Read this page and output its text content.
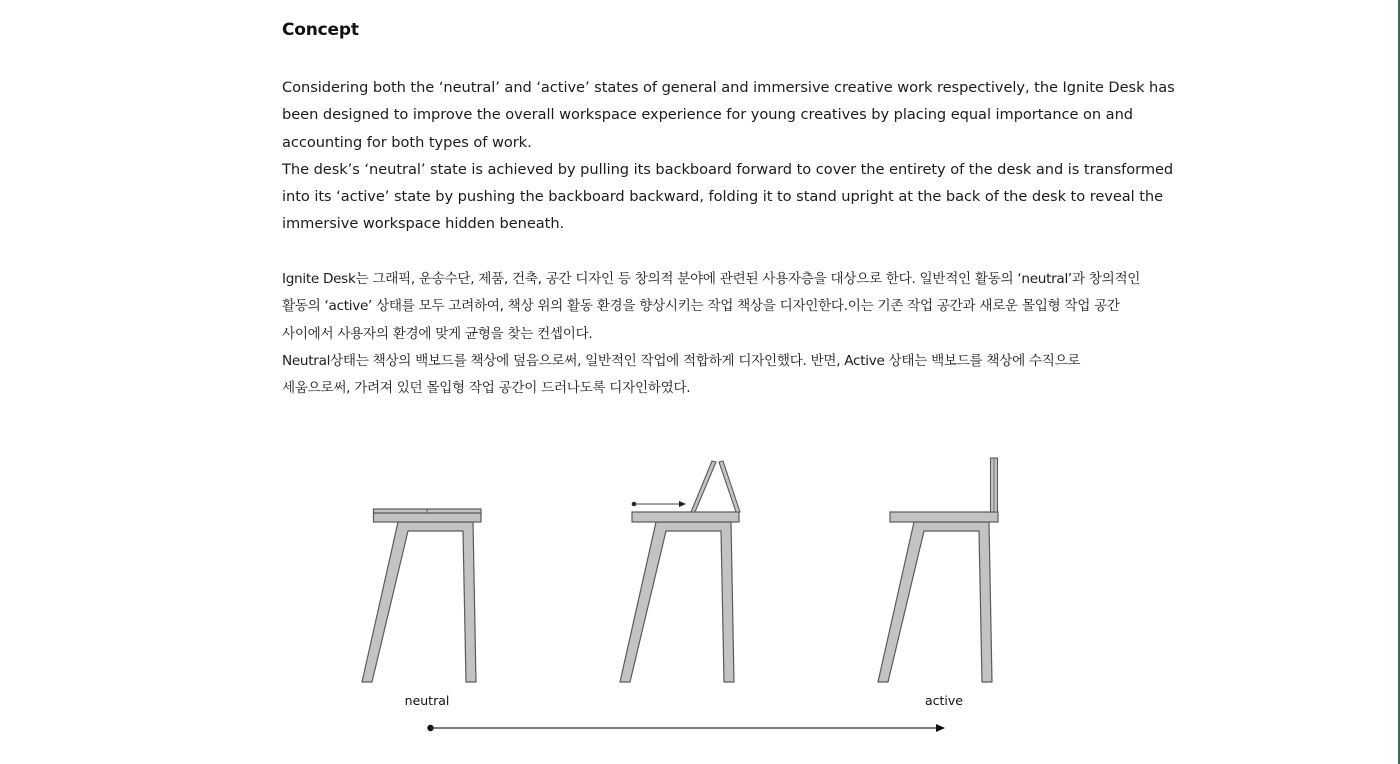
Concept

Considering both the ‘neutral’ and ‘active’ states of general and immersive creative work respectively, the Ignite Desk has
been designed to improve the overall workspace experience for young creatives by placing equal importance on and
accounting for both types of work.

The desk’s ‘neutral’ state is achieved by pulling its backboard forward to cover the entirety of the desk and is transformed
into its ‘active’ state by pushing the backboard backward, folding it to stand upright at the back of the desk to reveal the
immersive workspace hidden beneath.

Ignite Desk는 그래픽, 운송수단, 제품, 건축, 공간 디자인 등 창의적 분야에 관련된 사용자층을 대상으로 한다. 일반적인 활동의 ‘neutral’과 창의적인
활동의 ‘active’ 상태를 모두 고려하여, 책상 위의 활동 환경을 향상시키는 작업 책상을 디자인한다.이는 기존 작업 공간과 새로운 몰입형 작업 공간
사이에서 사용자의 환경에 맞게 균형을 찾는 컨셉이다.

Neutral상태는 책상의 백보드를 책상에 덮음으로써, 일반적인 작업에 적합하게 디자인했다. 반면, Active 상태는 백보드를 책상에 수직으로
세움으로써, 가려져 있던 몰입형 작업 공간이 드러나도록 디자인하였다.

neutral	active
